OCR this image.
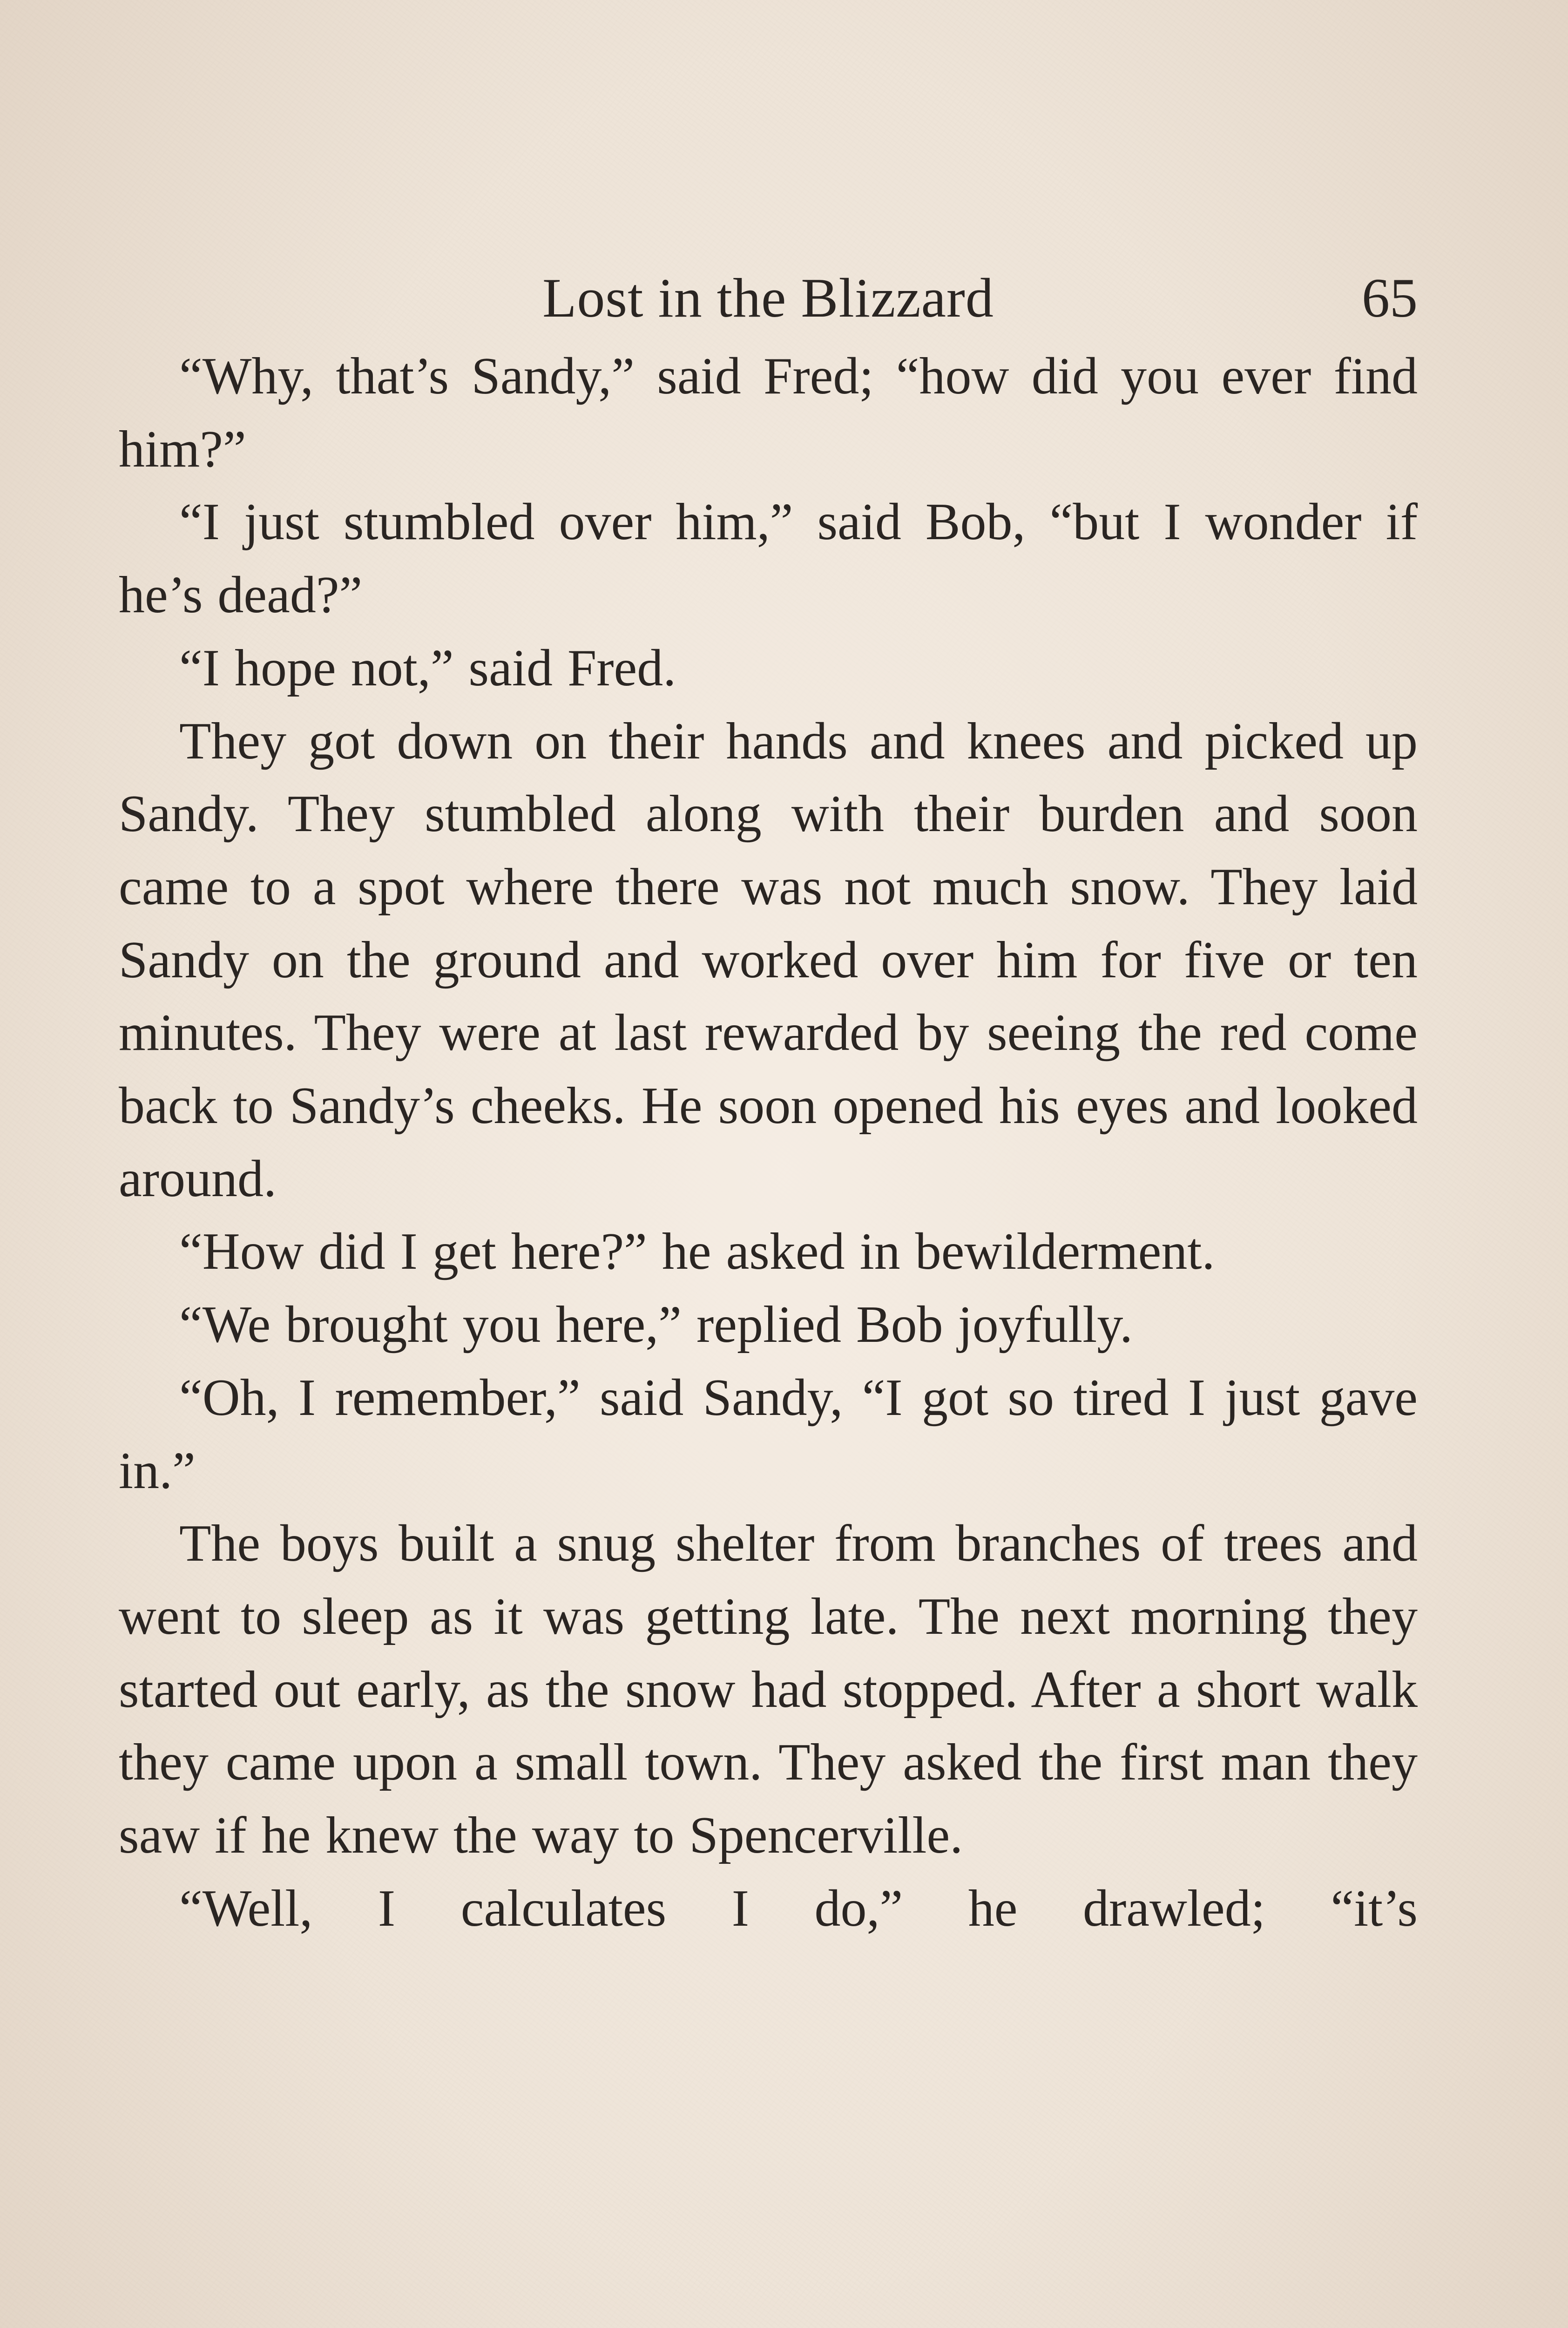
Lost in the Blizzard	65

“Why, that’s Sandy,” said Fred; “how did you ever find him?”

“I just stumbled over him,” said Bob, “but I wonder if he’s dead?”

“I hope not,” said Fred.

They got down on their hands and knees and picked up Sandy. They stumbled along with their burden and soon came to a spot where there was not much snow. They laid Sandy on the ground and worked over him for five or ten minutes. They were at last rewarded by seeing the red come back to Sandy’s cheeks. He soon opened his eyes and looked around.

“How did I get here?” he asked in bewilderment.

“We brought you here,” replied Bob joyfully.

“Oh, I remember,” said Sandy, “I got so tired I just gave in.”

The boys built a snug shelter from branches of trees and went to sleep as it was getting late. The next morning they started out early, as the snow had stopped. After a short walk they came upon a small town. They asked the first man they saw if he knew the way to Spencerville.

“Well, I calculates I do,” he drawled; “it’s
